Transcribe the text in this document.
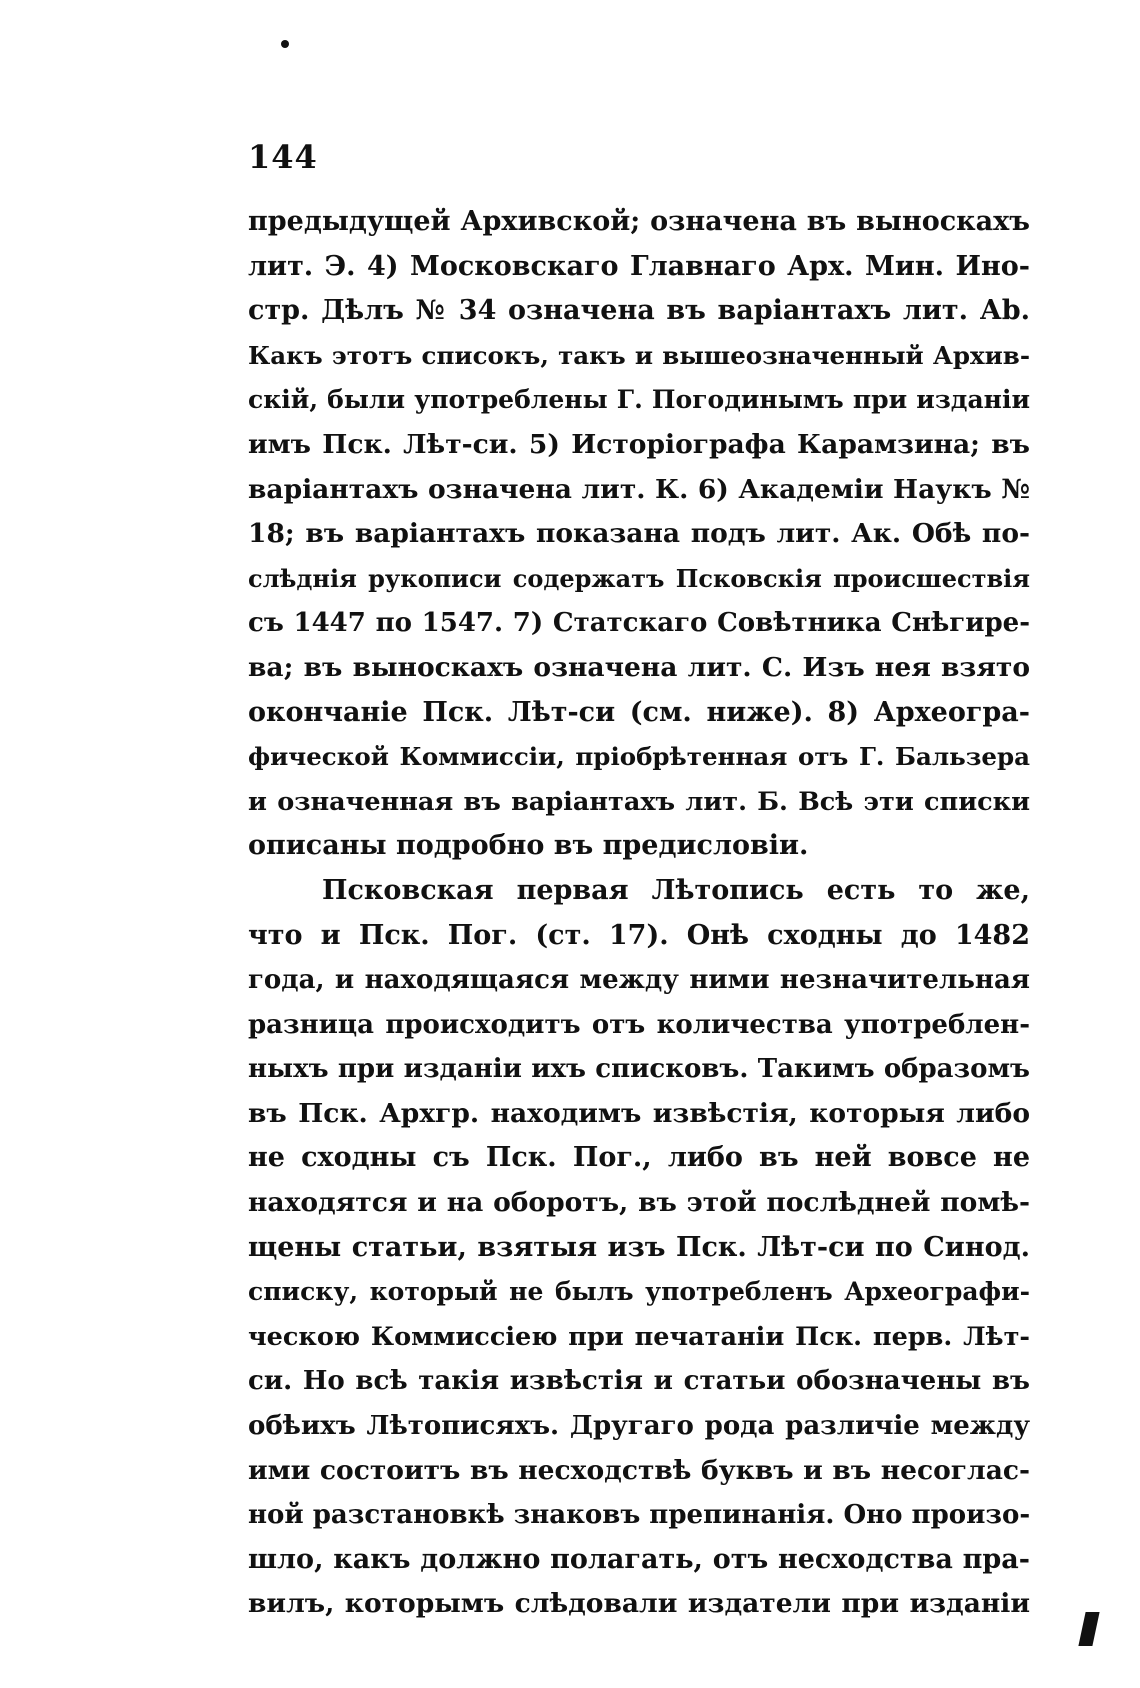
144
предыдущей Архивской; означена въ выноскахъ
лит. Э. 4) Московскаго Главнаго Арх. Мин. Ино-
стр. Дѣлъ № 34 означена въ варіантахъ лит. Аb.
Какъ этотъ списокъ, такъ и вышеозначенный Архив-
скій, были употреблены Г. Погодинымъ при изданіи
имъ Пск. Лѣт-си. 5) Исторіографа Карамзина; въ
варіантахъ означена лит. К. 6) Академіи Наукъ №
18; въ варіантахъ показана подъ лит. Ак. Обѣ по-
слѣднія рукописи содержатъ Псковскія происшествія
съ 1447 по 1547. 7) Статскаго Совѣтника Снѣгире-
ва; въ выноскахъ означена лит. С. Изъ нея взято
окончаніе Пск. Лѣт-си (см. ниже). 8) Археогра-
фической Коммиссіи, пріобрѣтенная отъ Г. Бальзера
и означенная въ варіантахъ лит. Б. Всѣ эти списки
описаны подробно въ предисловіи.
Псковская первая Лѣтопись есть то же,
что и Пск. Пог. (ст. 17). Онѣ сходны до 1482
года, и находящаяся между ними незначительная
разница происходитъ отъ количества употреблен-
ныхъ при изданіи ихъ списковъ. Такимъ образомъ
въ Пск. Архгр. находимъ извѣстія, которыя либо
не сходны съ Пск. Пог., либо въ ней вовсе не
находятся и на оборотъ, въ этой послѣдней помѣ-
щены статьи, взятыя изъ Пск. Лѣт-си по Синод.
списку, который не былъ употребленъ Археографи-
ческою Коммиссіею при печатаніи Пск. перв. Лѣт-
си. Но всѣ такія извѣстія и статьи обозначены въ
обѣихъ Лѣтописяхъ. Другаго рода различіе между
ими состоитъ въ несходствѣ буквъ и въ несоглас-
ной разстановкѣ знаковъ препинанія. Оно произо-
шло, какъ должно полагать, отъ несходства пра-
вилъ, которымъ слѣдовали издатели при изданіи
